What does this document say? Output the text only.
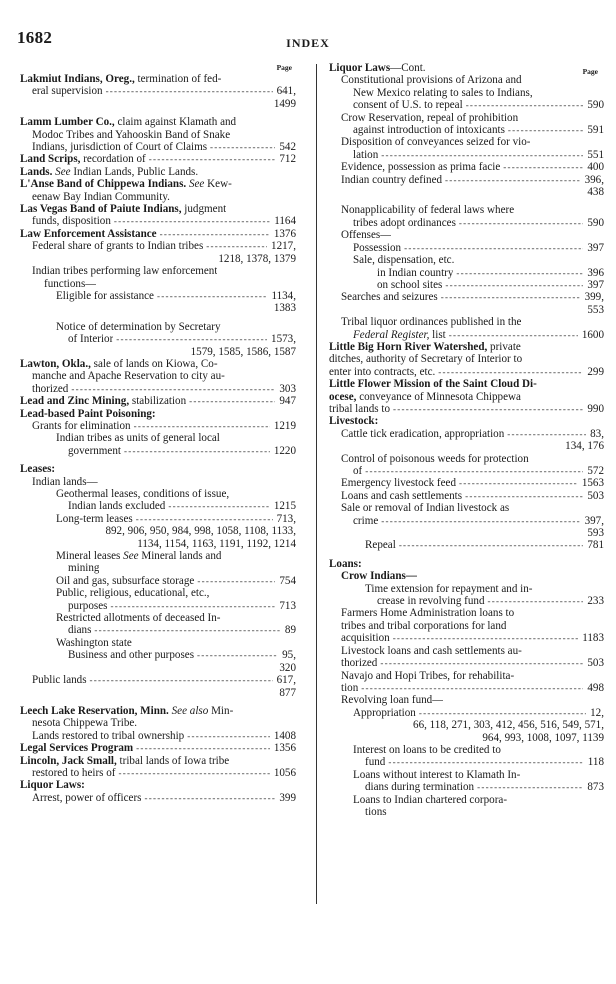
1682	INDEX
Page
Lakmiut Indians, Oreg., termination of fed-
eral supervision - - -	641,
1499
Lamm Lumber Co., claim against Klamath and
Modoc Tribes and Yahooskin Band of Snake
Indians, jurisdiction of Court of Claims - - -	542
Land Scrips, recordation of - - -	712
Lands. See Indian Lands, Public Lands.
L'Anse Band of Chippewa Indians. See Kew-
eenaw Bay Indian Community.
Las Vegas Band of Paiute Indians, judgment
funds, disposition - - -	1164
Law Enforcement Assistance - - -	1376
Federal share of grants to Indian tribes - - -	1217,
1218, 1378, 1379
Indian tribes performing law enforcement
functions—
Eligible for assistance - - -	1134,
1383
Notice of determination by Secretary
of Interior - - -	1573,
1579, 1585, 1586, 1587
Lawton, Okla., sale of lands on Kiowa, Co-
manche and Apache Reservation to city au-
thorized - - -	303
Lead and Zinc Mining, stabilization - - -	947
Lead-based Paint Poisoning:
Grants for elimination - - -	1219
Indian tribes as units of general local
government - - -	1220
Leases:
Indian lands—
Geothermal leases, conditions of issue,
Indian lands excluded - - -	1215
Long-term leases - - -	713,
892, 906, 950, 984, 998, 1058, 1108, 1133,
1134, 1154, 1163, 1191, 1192, 1214
Mineral leases See Mineral lands and
mining
Oil and gas, subsurface storage - - -	754
Public, religious, educational, etc.,
purposes - - -	713
Restricted allotments of deceased In-
dians - - -	89
Washington state
Business and other purposes - - -	95,
320
Public lands - - -	617,
877
Leech Lake Reservation, Minn. See also Min-
nesota Chippewa Tribe.
Lands restored to tribal ownership - - -	1408
Legal Services Program - - -	1356
Lincoln, Jack Small, tribal lands of Iowa tribe
restored to heirs of - - -	1056
Liquor Laws:
Arrest, power of officers - - -	399
Page
Liquor Laws—Cont.
Constitutional provisions of Arizona and
New Mexico relating to sales to Indians,
consent of U.S. to repeal - - -	590
Crow Reservation, repeal of prohibition
against introduction of intoxicants - - -	591
Disposition of conveyances seized for vio-
lation - - -	551
Evidence, possession as prima facie - - -	400
Indian country defined - - -	396,
438
Nonapplicability of federal laws where
tribes adopt ordinances - - -	590
Offenses—
Possession - - -	397
Sale, dispensation, etc.
in Indian country - - -	396
on school sites - - -	397
Searches and seizures - - -	399,
553
Tribal liquor ordinances published in the
Federal Register, list - - -	1600
Little Big Horn River Watershed, private
ditches, authority of Secretary of Interior to
enter into contracts, etc. - - -	299
Little Flower Mission of the Saint Cloud Di-
ocese, conveyance of Minnesota Chippewa
tribal lands to - - -	990
Livestock:
Cattle tick eradication, appropriation - - -	83,
134, 176
Control of poisonous weeds for protection
of - - -	572
Emergency livestock feed - - -	1563
Loans and cash settlements - - -	503
Sale or removal of Indian livestock as
crime - - -	397,
593
Repeal - - -	781
Loans:
Crow Indians—
Time extension for repayment and in-
crease in revolving fund - - -	233
Farmers Home Administration loans to
tribes and tribal corporations for land
acquisition - - -	1183
Livestock loans and cash settlements au-
thorized - - -	503
Navajo and Hopi Tribes, for rehabilita-
tion - - -	498
Revolving loan fund—
Appropriation - - -	12,
66, 118, 271, 303, 412, 456, 516, 549, 571,
964, 993, 1008, 1097, 1139
Interest on loans to be credited to
fund - - -	118
Loans without interest to Klamath In-
dians during termination - - -	873
Loans to Indian chartered corpora-
tions
